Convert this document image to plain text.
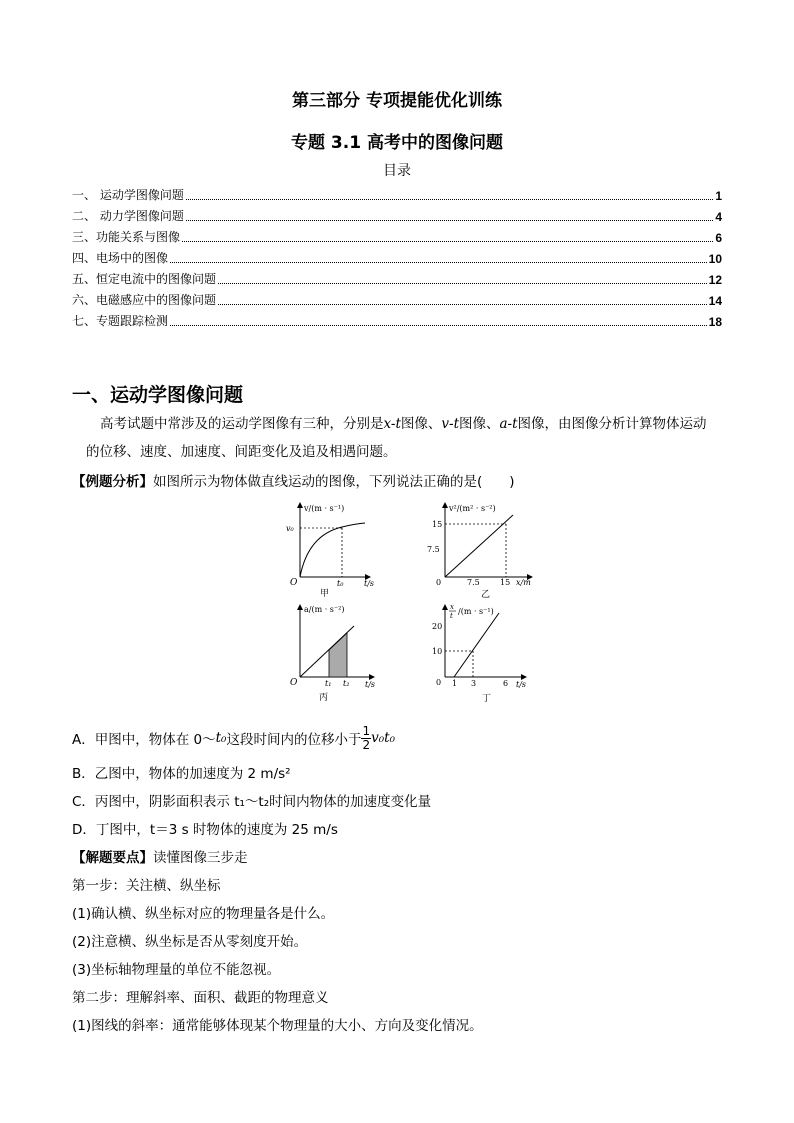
第三部分 专项提能优化训练
专题 3.1 高考中的图像问题
目录
一、 运动学图像问题	1
二、 动力学图像问题	4
三、功能关系与图像	6
四、电场中的图像	10
五、恒定电流中的图像问题	12
六、电磁感应中的图像问题	14
七、专题跟踪检测	18
一、运动学图像问题
高考试题中常涉及的运动学图像有三种，分别是x-t图像、v-t图像、a-t图像，由图像分析计算物体运动
的位移、速度、加速度、间距变化及追及相遇问题。
【例题分析】如图所示为物体做直线运动的图像，下列说法正确的是(　　)
v/(m · s⁻¹)
v₀
O	t₀	t/s
甲
v²/(m² · s⁻²)
15
7.5
0	7.5	15 x/m
乙
a/(m · s⁻²)
O	t₁ t₂ t/s
丙
x
t /(m · s⁻¹)
20
10
0 1 3	6 t/s
丁
A．甲图中，物体在 0～ t₀ 这段时间内的位移小于 $\frac{1}{2} v_0t_0$
B．乙图中，物体的加速度为 2 m/s²
C．丙图中，阴影面积表示 t₁～t₂时间内物体的加速度变化量
D．丁图中，t＝3 s 时物体的速度为 25 m/s
【解题要点】读懂图像三步走
第一步：关注横、纵坐标
(1)确认横、纵坐标对应的物理量各是什么。
(2)注意横、纵坐标是否从零刻度开始。
(3)坐标轴物理量的单位不能忽视。
第二步：理解斜率、面积、截距的物理意义
(1)图线的斜率：通常能够体现某个物理量的大小、方向及变化情况。
